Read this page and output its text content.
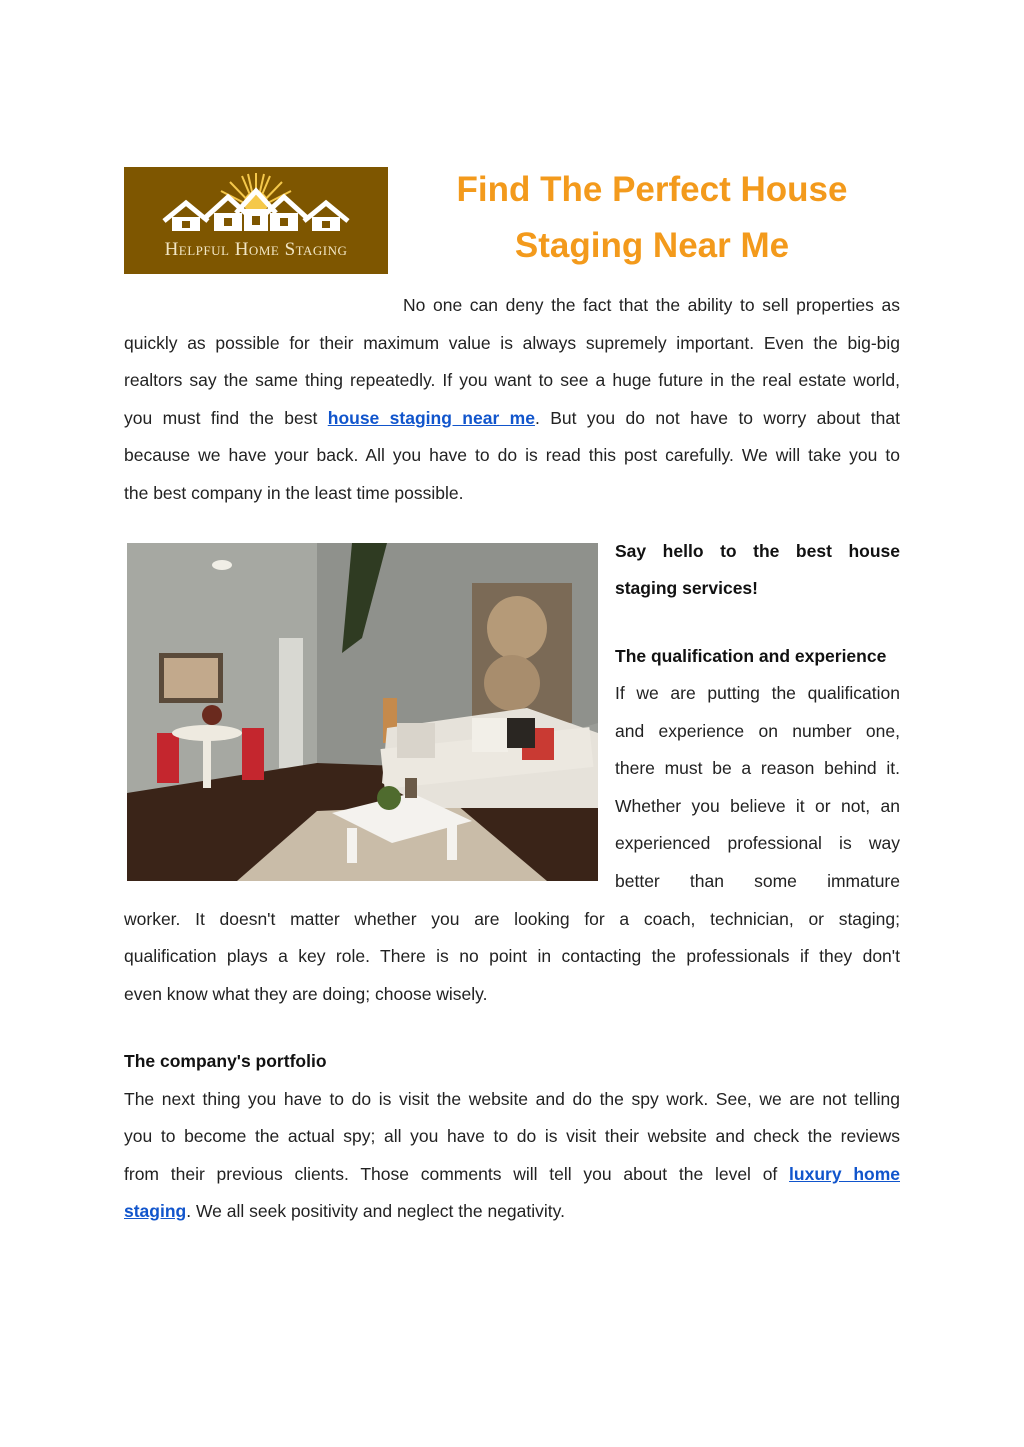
Helpful Home Staging
Find The Perfect House
Staging Near Me
No one can deny the fact that the ability to sell properties as
quickly as possible for their maximum value is always supremely important. Even the big-big
realtors say the same thing repeatedly. If you want to see a huge future in the real estate world,
you must find the best house staging near me. But you do not have to worry about that
because we have your back. All you have to do is read this post carefully. We will take you to
the best company in the least time possible.
Say hello to the best house
staging services!
The qualification and experience
If we are putting the qualification
and experience on number one,
there must be a reason behind it.
Whether you believe it or not, an
experienced professional is way
better than some immature
worker. It doesn't matter whether you are looking for a coach, technician, or staging;
qualification plays a key role. There is no point in contacting the professionals if they don't
even know what they are doing; choose wisely.
The company's portfolio
The next thing you have to do is visit the website and do the spy work. See, we are not telling
you to become the actual spy; all you have to do is visit their website and check the reviews
from their previous clients. Those comments will tell you about the level of luxury home
staging. We all seek positivity and neglect the negativity.
